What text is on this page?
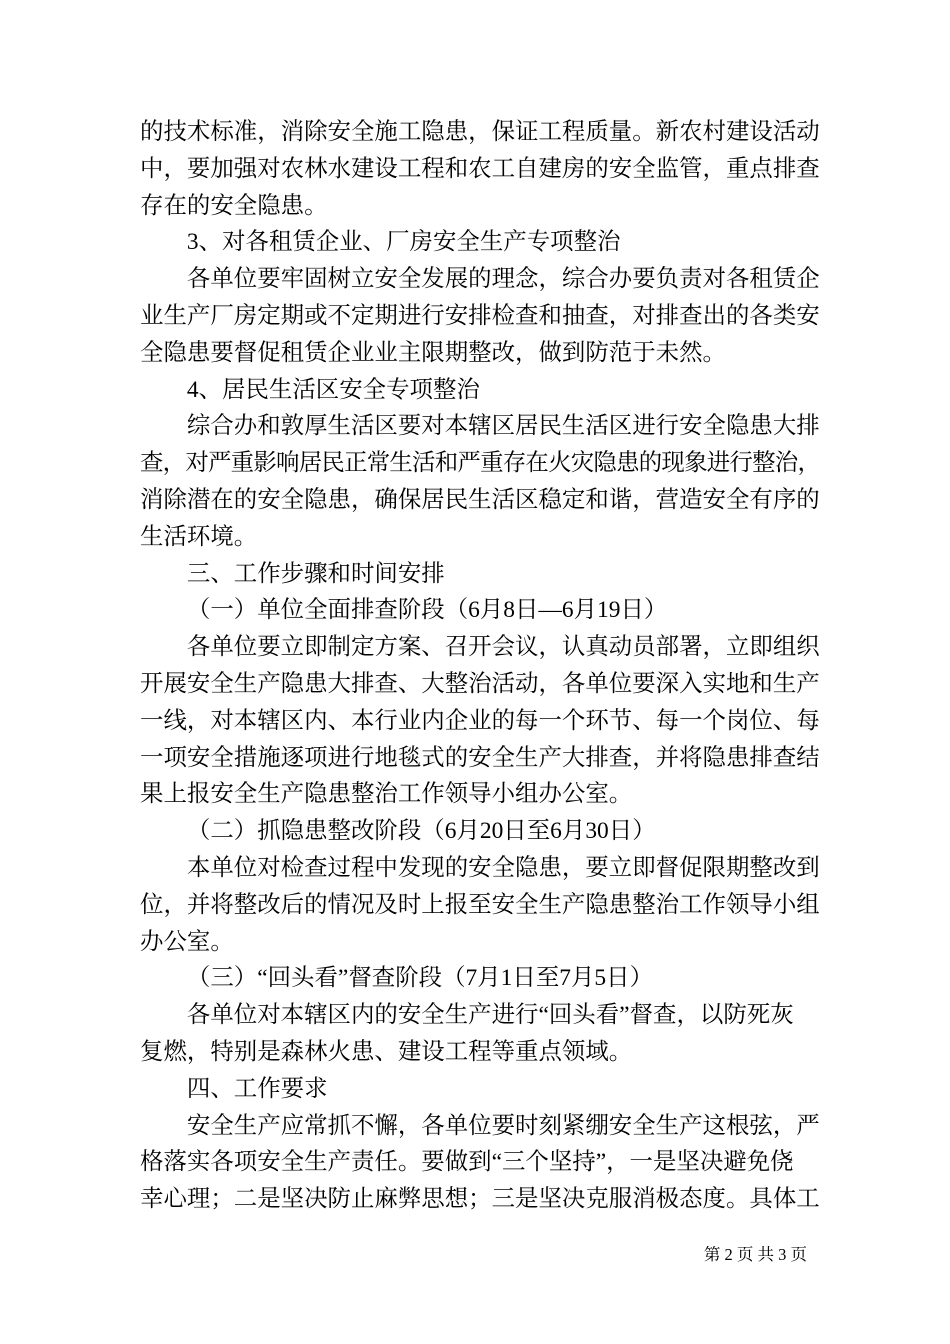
的技术标准，消除安全施工隐患，保证工程质量。新农村建设活动
中，要加强对农林水建设工程和农工自建房的安全监管，重点排查
存在的安全隐患。
3、对各租赁企业、厂房安全生产专项整治
各单位要牢固树立安全发展的理念，综合办要负责对各租赁企
业生产厂房定期或不定期进行安排检查和抽查，对排查出的各类安
全隐患要督促租赁企业业主限期整改，做到防范于未然。
4、居民生活区安全专项整治
综合办和敦厚生活区要对本辖区居民生活区进行安全隐患大排
查，对严重影响居民正常生活和严重存在火灾隐患的现象进行整治，
消除潜在的安全隐患，确保居民生活区稳定和谐，营造安全有序的
生活环境。
三、工作步骤和时间安排
（一）单位全面排查阶段（6月8日—6月19日）
各单位要立即制定方案、召开会议，认真动员部署，立即组织
开展安全生产隐患大排查、大整治活动，各单位要深入实地和生产
一线，对本辖区内、本行业内企业的每一个环节、每一个岗位、每
一项安全措施逐项进行地毯式的安全生产大排查，并将隐患排查结
果上报安全生产隐患整治工作领导小组办公室。
（二）抓隐患整改阶段（6月20日至6月30日）
本单位对检查过程中发现的安全隐患，要立即督促限期整改到
位，并将整改后的情况及时上报至安全生产隐患整治工作领导小组
办公室。
（三）“回头看”督查阶段（7月1日至7月5日）
各单位对本辖区内的安全生产进行“回头看”督查，以防死灰
复燃，特别是森林火患、建设工程等重点领域。
四、工作要求
安全生产应常抓不懈，各单位要时刻紧绷安全生产这根弦，严
格落实各项安全生产责任。要做到“三个坚持”，一是坚决避免侥
幸心理；二是坚决防止麻弊思想；三是坚决克服消极态度。具体工
第 2 页 共 3 页
